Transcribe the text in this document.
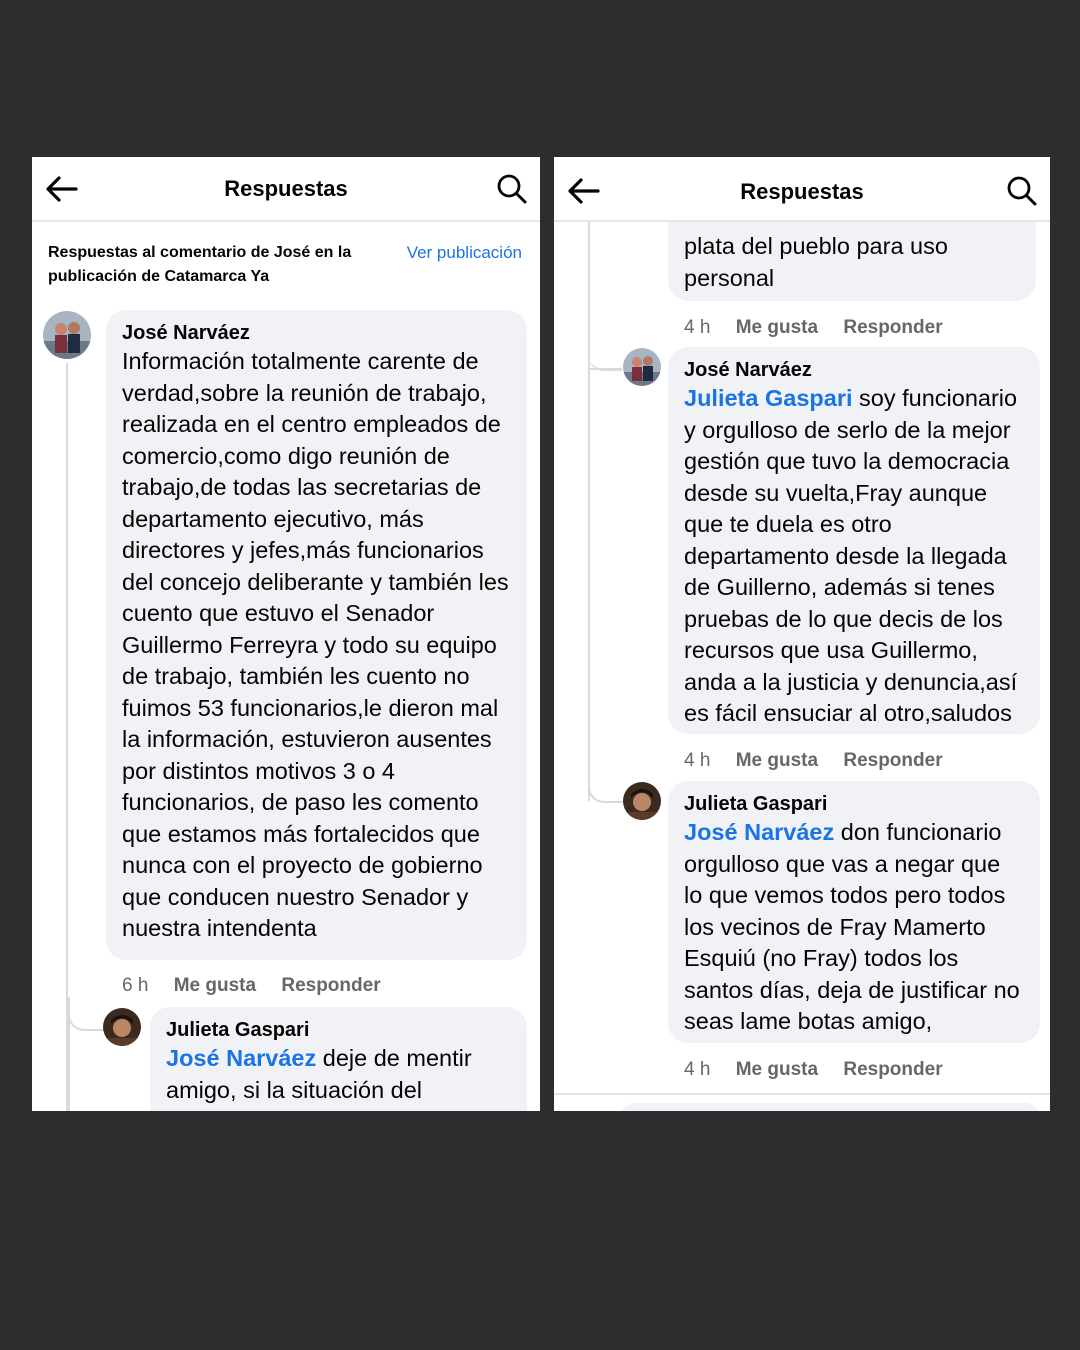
Respuestas
Respuestas al comentario de José en la publicación de Catamarca Ya
Ver publicación
José Narváez
Información totalmente carente de verdad,sobre la reunión de trabajo, realizada en el centro empleados de comercio,como digo reunión de trabajo,de todas las secretarias de departamento ejecutivo, más directores y jefes,más funcionarios del concejo deliberante y también les cuento que estuvo el Senador Guillermo Ferreyra y todo su equipo de trabajo, también les cuento no fuimos 53 funcionarios,le dieron mal la información, estuvieron ausentes por distintos motivos 3 o 4 funcionarios, de paso les comento que estamos más fortalecidos que nunca con el proyecto de gobierno que conducen nuestro Senador y nuestra intendenta
6 h Me gusta Responder
Julieta Gaspari
José Narváez deje de mentir amigo, si la situación del
Respuestas
plata del pueblo para uso personal
4 h Me gusta Responder
José Narváez
Julieta Gaspari soy funcionario y orgulloso de serlo de la mejor gestión que tuvo la democracia desde su vuelta,Fray aunque que te duela es otro departamento desde la llegada de Guillerno, además si tenes pruebas de lo que decis de los recursos que usa Guillermo, anda a la justicia y denuncia,así es fácil ensuciar al otro,saludos
4 h Me gusta Responder
Julieta Gaspari
José Narváez don funcionario orgulloso que vas a negar que lo que vemos todos pero todos los vecinos de Fray Mamerto Esquiú (no Fray) todos los santos días, deja de justificar no seas lame botas amigo,
4 h Me gusta Responder
